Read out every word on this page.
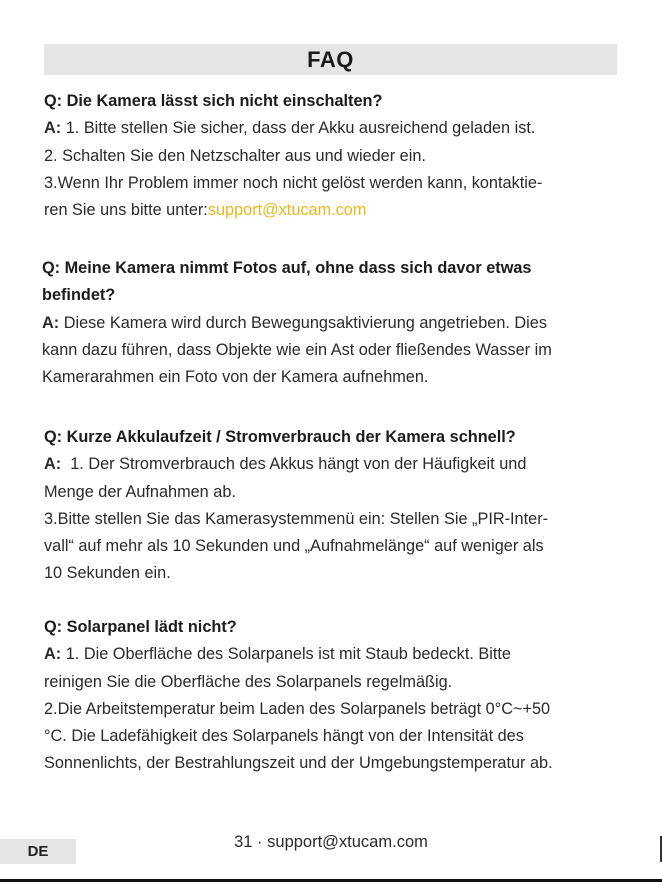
FAQ

Q: Die Kamera lässt sich nicht einschalten?

A: 1. Bitte stellen Sie sicher, dass der Akku ausreichend geladen ist.

2. Schalten Sie den Netzschalter aus und wieder ein.

3.Wenn Ihr Problem immer noch nicht gelöst werden kann, kontaktie-

ren Sie uns bitte unter:support@xtucam.com

Q: Meine Kamera nimmt Fotos auf, ohne dass sich davor etwas

befindet?

A: Diese Kamera wird durch Bewegungsaktivierung angetrieben. Dies

kann dazu führen, dass Objekte wie ein Ast oder fließendes Wasser im

Kamerarahmen ein Foto von der Kamera aufnehmen.

Q: Kurze Akkulaufzeit / Stromverbrauch der Kamera schnell?

A: 1. Der Stromverbrauch des Akkus hängt von der Häufigkeit und

Menge der Aufnahmen ab.

3.Bitte stellen Sie das Kamerasystemmenü ein: Stellen Sie „PIR-Inter-

vall“ auf mehr als 10 Sekunden und „Aufnahmelänge“ auf weniger als

10 Sekunden ein.

Q: Solarpanel lädt nicht?

A: 1. Die Oberfläche des Solarpanels ist mit Staub bedeckt. Bitte

reinigen Sie die Oberfläche des Solarpanels regelmäßig.

2.Die Arbeitstemperatur beim Laden des Solarpanels beträgt 0°C~+50

°C. Die Ladefähigkeit des Solarpanels hängt von der Intensität des

Sonnenlichts, der Bestrahlungszeit und der Umgebungstemperatur ab.

31 · support@xtucam.com
DE
